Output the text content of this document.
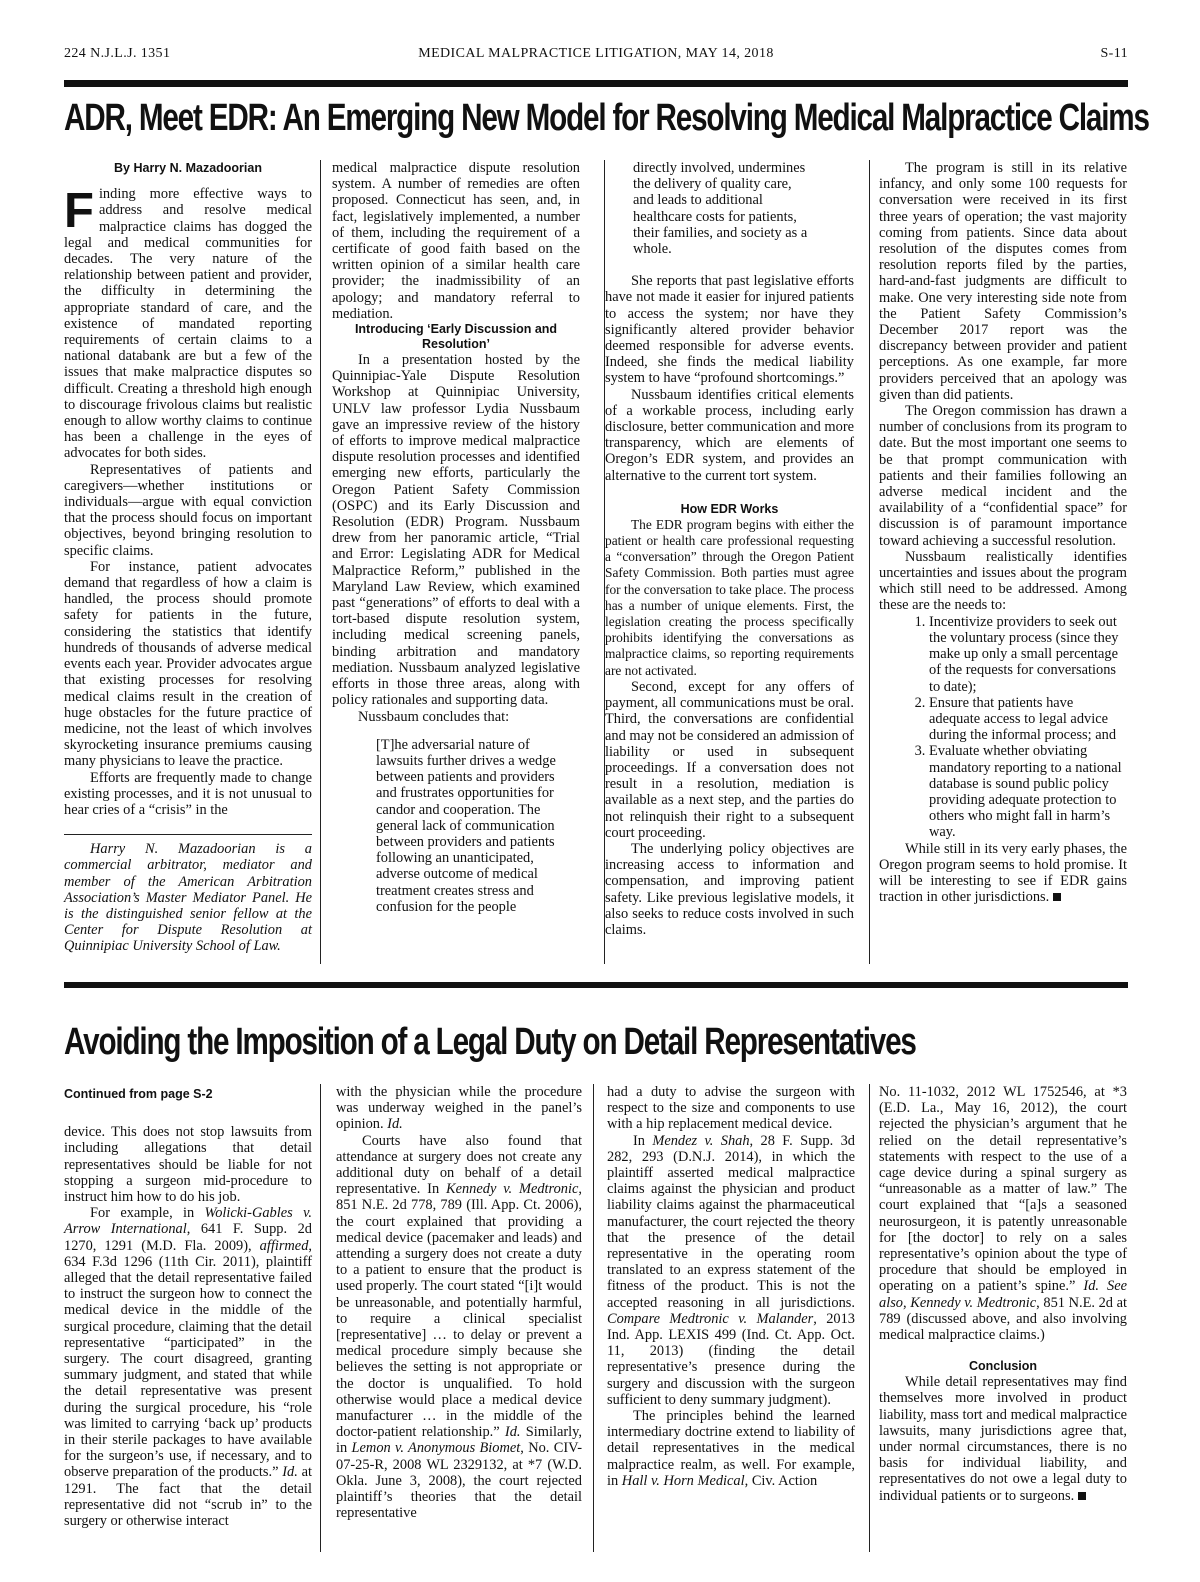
224 N.J.L.J. 1351	MEDICAL MALPRACTICE LITIGATION, MAY 14, 2018	S-11
ADR, Meet EDR: An Emerging New Model for Resolving Medical Malpractice Claims
By Harry N. Mazadoorian

Finding more effective ways to address and resolve medical malpractice claims has dogged the legal and medical communities for decades. The very nature of the relationship between patient and provider, the difficulty in determining the appropriate standard of care, and the existence of mandated reporting requirements of certain claims to a national databank are but a few of the issues that make malpractice disputes so difficult. Creating a threshold high enough to discourage frivolous claims but realistic enough to allow worthy claims to continue has been a challenge in the eyes of advocates for both sides.

Representatives of patients and caregivers—whether institutions or individuals—argue with equal conviction that the process should focus on important objectives, beyond bringing resolution to specific claims.

For instance, patient advocates demand that regardless of how a claim is handled, the process should promote safety for patients in the future, considering the statistics that identify hundreds of thousands of adverse medical events each year. Provider advocates argue that existing processes for resolving medical claims result in the creation of huge obstacles for the future practice of medicine, not the least of which involves skyrocketing insurance premiums causing many physicians to leave the practice.

Efforts are frequently made to change existing processes, and it is not unusual to hear cries of a “crisis” in the

Harry N. Mazadoorian is a commercial arbitrator, mediator and member of the American Arbitration Association’s Master Mediator Panel. He is the distinguished senior fellow at the Center for Dispute Resolution at Quinnipiac University School of Law.

medical malpractice dispute resolution system. A number of remedies are often proposed. Connecticut has seen, and, in fact, legislatively implemented, a number of them, including the requirement of a certificate of good faith based on the written opinion of a similar health care provider; the inadmissibility of an apology; and mandatory referral to mediation.

Introducing ‘Early Discussion and Resolution’

In a presentation hosted by the Quinnipiac-Yale Dispute Resolution Workshop at Quinnipiac University, UNLV law professor Lydia Nussbaum gave an impressive review of the history of efforts to improve medical malpractice dispute resolution processes and identified emerging new efforts, particularly the Oregon Patient Safety Commission (OSPC) and its Early Discussion and Resolution (EDR) Program. Nussbaum drew from her panoramic article, “Trial and Error: Legislating ADR for Medical Malpractice Reform,” published in the Maryland Law Review, which examined past “generations” of efforts to deal with a tort-based dispute resolution system, including medical screening panels, binding arbitration and mandatory mediation. Nussbaum analyzed legislative efforts in those three areas, along with policy rationales and supporting data.

Nussbaum concludes that:

[T]he adversarial nature of lawsuits further drives a wedge between patients and providers and frustrates opportunities for candor and cooperation. The general lack of communication between providers and patients following an unanticipated, adverse outcome of medical treatment creates stress and confusion for the people

directly involved, undermines the delivery of quality care, and leads to additional healthcare costs for patients, their families, and society as a whole.

She reports that past legislative efforts have not made it easier for injured patients to access the system; nor have they significantly altered provider behavior deemed responsible for adverse events. Indeed, she finds the medical liability system to have “profound shortcomings.”

Nussbaum identifies critical elements of a workable process, including early disclosure, better communication and more transparency, which are elements of Oregon’s EDR system, and provides an alternative to the current tort system.

How EDR Works

The EDR program begins with either the patient or health care professional requesting a “conversation” through the Oregon Patient Safety Commission. Both parties must agree for the conversation to take place. The process has a number of unique elements. First, the legislation creating the process specifically prohibits identifying the conversations as malpractice claims, so reporting requirements are not activated.

Second, except for any offers of payment, all communications must be oral. Third, the conversations are confidential and may not be considered an admission of liability or used in subsequent proceedings. If a conversation does not result in a resolution, mediation is available as a next step, and the parties do not relinquish their right to a subsequent court proceeding.

The underlying policy objectives are increasing access to information and compensation, and improving patient safety. Like previous legislative models, it also seeks to reduce costs involved in such claims.

The program is still in its relative infancy, and only some 100 requests for conversation were received in its first three years of operation; the vast majority coming from patients. Since data about resolution of the disputes comes from resolution reports filed by the parties, hard-and-fast judgments are difficult to make. One very interesting side note from the Patient Safety Commission’s December 2017 report was the discrepancy between provider and patient perceptions. As one example, far more providers perceived that an apology was given than did patients.

The Oregon commission has drawn a number of conclusions from its program to date. But the most important one seems to be that prompt communication with patients and their families following an adverse medical incident and the availability of a “confidential space” for discussion is of paramount importance toward achieving a successful resolution.

Nussbaum realistically identifies uncertainties and issues about the program which still need to be addressed. Among these are the needs to:

1. Incentivize providers to seek out the voluntary process (since they make up only a small percentage of the requests for conversations to date);
2. Ensure that patients have adequate access to legal advice during the informal process; and
3. Evaluate whether obviating mandatory reporting to a national database is sound public policy providing adequate protection to others who might fall in harm’s way.

While still in its very early phases, the Oregon program seems to hold promise. It will be interesting to see if EDR gains traction in other jurisdictions.

Avoiding the Imposition of a Legal Duty on Detail Representatives
Continued from page S-2

device. This does not stop lawsuits from including allegations that detail representatives should be liable for not stopping a surgeon mid-procedure to instruct him how to do his job.

For example, in Wolicki-Gables v. Arrow International, 641 F. Supp. 2d 1270, 1291 (M.D. Fla. 2009), affirmed, 634 F.3d 1296 (11th Cir. 2011), plaintiff alleged that the detail representative failed to instruct the surgeon how to connect the medical device in the middle of the surgical procedure, claiming that the detail representative “participated” in the surgery. The court disagreed, granting summary judgment, and stated that while the detail representative was present during the surgical procedure, his “role was limited to carrying ‘back up’ products in their sterile packages to have available for the surgeon’s use, if necessary, and to observe preparation of the products.” Id. at 1291. The fact that the detail representative did not “scrub in” to the surgery or otherwise interact

with the physician while the procedure was underway weighed in the panel’s opinion. Id.

Courts have also found that attendance at surgery does not create any additional duty on behalf of a detail representative. In Kennedy v. Medtronic, 851 N.E. 2d 778, 789 (Ill. App. Ct. 2006), the court explained that providing a medical device (pacemaker and leads) and attending a surgery does not create a duty to a patient to ensure that the product is used properly. The court stated “[i]t would be unreasonable, and potentially harmful, to require a clinical specialist [representative] … to delay or prevent a medical procedure simply because she believes the setting is not appropriate or the doctor is unqualified. To hold otherwise would place a medical device manufacturer … in the middle of the doctor-patient relationship.” Id. Similarly, in Lemon v. Anonymous Biomet, No. CIV-07-25-R, 2008 WL 2329132, at *7 (W.D. Okla. June 3, 2008), the court rejected plaintiff’s theories that the detail representative

had a duty to advise the surgeon with respect to the size and components to use with a hip replacement medical device.

In Mendez v. Shah, 28 F. Supp. 3d 282, 293 (D.N.J. 2014), in which the plaintiff asserted medical malpractice claims against the physician and product liability claims against the pharmaceutical manufacturer, the court rejected the theory that the presence of the detail representative in the operating room translated to an express statement of the fitness of the product. This is not the accepted reasoning in all jurisdictions. Compare Medtronic v. Malander, 2013 Ind. App. LEXIS 499 (Ind. Ct. App. Oct. 11, 2013) (finding the detail representative’s presence during the surgery and discussion with the surgeon sufficient to deny summary judgment).

The principles behind the learned intermediary doctrine extend to liability of detail representatives in the medical malpractice realm, as well. For example, in Hall v. Horn Medical, Civ. Action

No. 11-1032, 2012 WL 1752546, at *3 (E.D. La., May 16, 2012), the court rejected the physician’s argument that he relied on the detail representative’s statements with respect to the use of a cage device during a spinal surgery as “unreasonable as a matter of law.” The court explained that “[a]s a seasoned neurosurgeon, it is patently unreasonable for [the doctor] to rely on a sales representative’s opinion about the type of procedure that should be employed in operating on a patient’s spine.” Id. See also, Kennedy v. Medtronic, 851 N.E. 2d at 789 (discussed above, and also involving medical malpractice claims.)

Conclusion

While detail representatives may find themselves more involved in product liability, mass tort and medical malpractice lawsuits, many jurisdictions agree that, under normal circumstances, there is no basis for individual liability, and representatives do not owe a legal duty to individual patients or to surgeons.
